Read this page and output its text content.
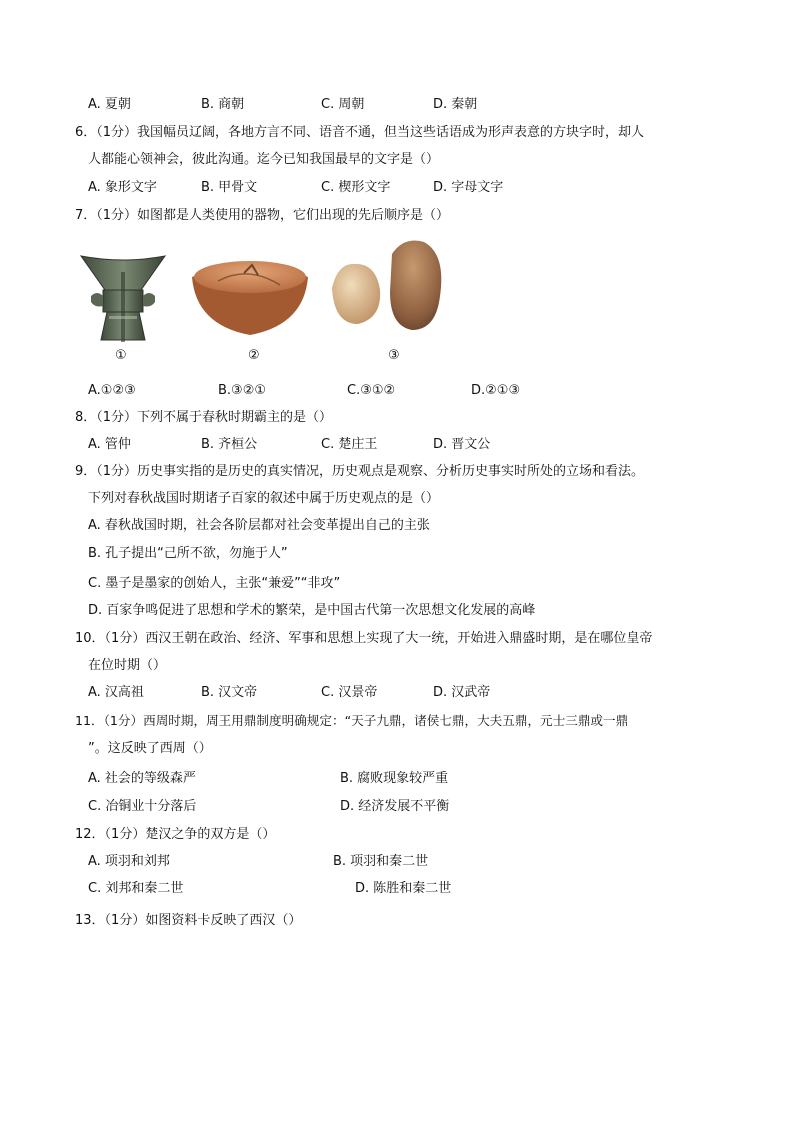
A. 夏朝	B. 商朝	C. 周朝	D. 秦朝
6．（1分）我国幅员辽阔，各地方言不同、语音不通，但当这些话语成为形声表意的方块字时，却人
人都能心领神会，彼此沟通。迄今已知我国最早的文字是（）
A. 象形文字	B. 甲骨文	C. 楔形文字	D. 字母文字
7．（1分）如图都是人类使用的器物，它们出现的先后顺序是（）
①	②	③
A.①②③	B.③②①	C.③①②	D.②①③
8．（1分）下列不属于春秋时期霸主的是（）
A. 管仲	B. 齐桓公	C. 楚庄王	D. 晋文公
9．（1分）历史事实指的是历史的真实情况，历史观点是观察、分析历史事实时所处的立场和看法。
下列对春秋战国时期诸子百家的叙述中属于历史观点的是（）
A. 春秋战国时期，社会各阶层都对社会变革提出自己的主张
B. 孔子提出“己所不欲，勿施于人”
C. 墨子是墨家的创始人，主张“兼爱”“非攻”
D. 百家争鸣促进了思想和学术的繁荣，是中国古代第一次思想文化发展的高峰
10．（1分）西汉王朝在政治、经济、军事和思想上实现了大一统，开始进入鼎盛时期，是在哪位皇帝
在位时期（）
A. 汉高祖	B. 汉文帝	C. 汉景帝	D. 汉武帝
11．（1分）西周时期，周王用鼎制度明确规定：“天子九鼎，诸侯七鼎，大夫五鼎，元士三鼎或一鼎
”。这反映了西周（）
A. 社会的等级森严	B. 腐败现象较严重
C. 冶铜业十分落后	D. 经济发展不平衡
12．（1分）楚汉之争的双方是（）
A. 项羽和刘邦	B. 项羽和秦二世
C. 刘邦和秦二世	D. 陈胜和秦二世
13．（1分）如图资料卡反映了西汉（）
